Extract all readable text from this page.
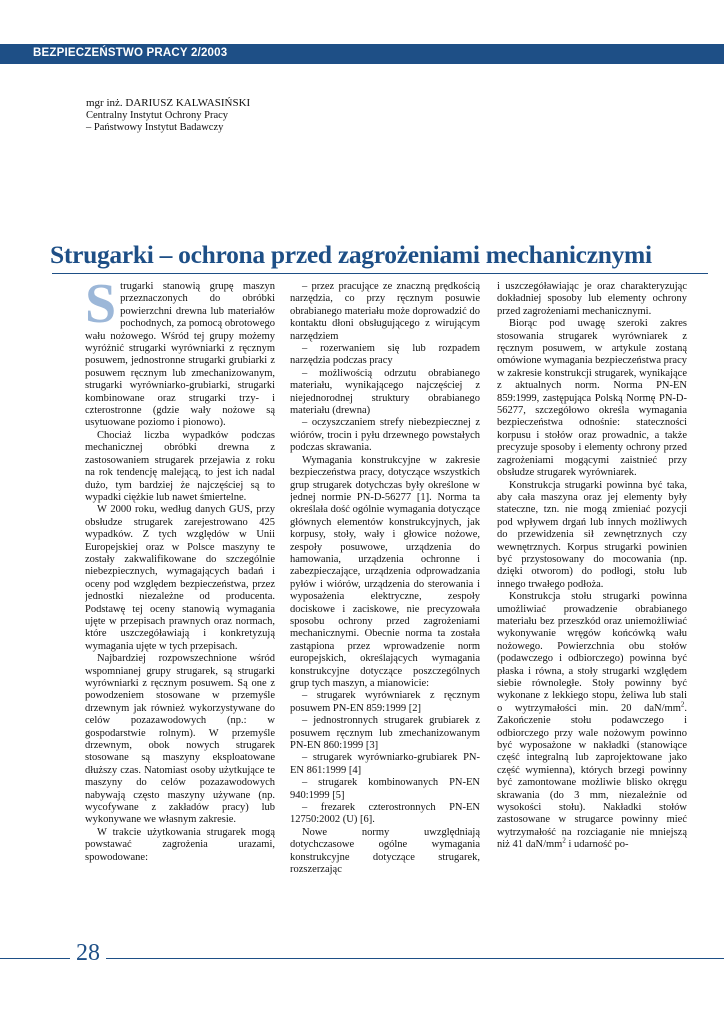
BEZPIECZEŃSTWO PRACY 2/2003
mgr inż. DARIUSZ KALWASIŃSKI
Centralny Instytut Ochrony Pracy
– Państwowy Instytut Badawczy
Strugarki – ochrona przed zagrożeniami mechanicznymi

Strugarki stanowią grupę maszyn przeznaczonych do obróbki powierzchni drewna lub materiałów pochodnych, za pomocą obrotowego wału nożowego. Wśród tej grupy możemy wyróżnić strugarki wyrówniarki z ręcznym posuwem, jednostronne strugarki grubiarki z posuwem ręcznym lub zmechanizowanym, strugarki wyrówniarko-grubiarki, strugarki kombinowane oraz strugarki trzy- i czterostronne (gdzie wały nożowe są usytuowane poziomo i pionowo).

Chociaż liczba wypadków podczas mechanicznej obróbki drewna z zastosowaniem strugarek przejawia z roku na rok tendencję malejącą, to jest ich nadal dużo, tym bardziej że najczęściej są to wypadki ciężkie lub nawet śmiertelne.

W 2000 roku, według danych GUS, przy obsłudze strugarek zarejestrowano 425 wypadków. Z tych względów w Unii Europejskiej oraz w Polsce maszyny te zostały zakwalifikowane do szczególnie niebezpiecznych, wymagających badań i oceny pod względem bezpieczeństwa, przez jednostki niezależne od producenta. Podstawę tej oceny stanowią wymagania ujęte w przepisach prawnych oraz normach, które uszczegóławiają i konkretyzują wymagania ujęte w tych przepisach.

Najbardziej rozpowszechnione wśród wspomnianej grupy strugarek, są strugarki wyrówniarki z ręcznym posuwem. Są one z powodzeniem stosowane w przemyśle drzewnym jak również wykorzystywane do celów pozazawodowych (np.: w gospodarstwie rolnym). W przemyśle drzewnym, obok nowych strugarek stosowane są maszyny eksploatowane dłuższy czas. Natomiast osoby użytkujące te maszyny do celów pozazawodowych nabywają często maszyny używane (np. wycofywane z zakładów pracy) lub wykonywane we własnym zakresie.

W trakcie użytkowania strugarek mogą powstawać zagrożenia urazami, spowodowane:

– przez pracujące ze znaczną prędkością narzędzia, co przy ręcznym posuwie obrabianego materiału może doprowadzić do kontaktu dłoni obsługującego z wirującym narzędziem

– rozerwaniem się lub rozpadem narzędzia podczas pracy

– możliwością odrzutu obrabianego materiału, wynikającego najczęściej z niejednorodnej struktury obrabianego materiału (drewna)

– oczyszczaniem strefy niebezpiecznej z wiórów, trocin i pyłu drzewnego powstałych podczas skrawania.

Wymagania konstrukcyjne w zakresie bezpieczeństwa pracy, dotyczące wszystkich grup strugarek dotychczas były określone w jednej normie PN-D-56277 [1]. Norma ta określała dość ogólnie wymagania dotyczące głównych elementów konstrukcyjnych, jak korpusy, stoły, wały i głowice nożowe, zespoły posuwowe, urządzenia do hamowania, urządzenia ochronne i zabezpieczające, urządzenia odprowadzania pyłów i wiórów, urządzenia do sterowania i wyposażenia elektryczne, zespoły dociskowe i zaciskowe, nie precyzowała sposobu ochrony przed zagrożeniami mechanicznymi. Obecnie norma ta została zastąpiona przez wprowadzenie norm europejskich, określających wymagania konstrukcyjne dotyczące poszczególnych grup tych maszyn, a mianowicie:

– strugarek wyrówniarek z ręcznym posuwem PN-EN 859:1999 [2]

– jednostronnych strugarek grubiarek z posuwem ręcznym lub zmechanizowanym PN-EN 860:1999 [3]

– strugarek wyrówniarko-grubiarek PN-EN 861:1999 [4]

– strugarek kombinowanych PN-EN 940:1999 [5]

– frezarek czterostronnych PN-EN 12750:2002 (U) [6].

Nowe normy uwzględniają dotychczasowe ogólne wymagania konstrukcyjne dotyczące strugarek, rozszerzając

i uszczegóławiając je oraz charakteryzując dokładniej sposoby lub elementy ochrony przed zagrożeniami mechanicznymi.

Biorąc pod uwagę szeroki zakres stosowania strugarek wyrówniarek z ręcznym posuwem, w artykule zostaną omówione wymagania bezpieczeństwa pracy w zakresie konstrukcji strugarek, wynikające z aktualnych norm. Norma PN-EN 859:1999, zastępująca Polską Normę PN-D-56277, szczegółowo określa wymagania bezpieczeństwa odnośnie: stateczności korpusu i stołów oraz prowadnic, a także precyzuje sposoby i elementy ochrony przed zagrożeniami mogącymi zaistnieć przy obsłudze strugarek wyrówniarek.

Konstrukcja strugarki powinna być taka, aby cała maszyna oraz jej elementy były stateczne, tzn. nie mogą zmieniać pozycji pod wpływem drgań lub innych możliwych do przewidzenia sił zewnętrznych czy wewnętrznych. Korpus strugarki powinien być przystosowany do mocowania (np. dzięki otworom) do podłogi, stołu lub innego trwałego podłoża.

Konstrukcja stołu strugarki powinna umożliwiać prowadzenie obrabianego materiału bez przeszkód oraz uniemożliwiać wykonywanie wręgów końcówką wału nożowego. Powierzchnia obu stołów (podawczego i odbiorczego) powinna być płaska i równa, a stoły strugarki względem siebie równoległe. Stoły powinny być wykonane z lekkiego stopu, żeliwa lub stali o wytrzymałości min. 20 daN/$mm^2$. Zakończenie stołu podawczego i odbiorczego przy wale nożowym powinno być wyposażone w nakładki (stanowiące część integralną lub zaprojektowane jako część wymienna), których brzegi powinny być zamontowane możliwie blisko okręgu skrawania (do 3 mm, niezależnie od wysokości stołu). Nakładki stołów zastosowane w strugarce powinny mieć wytrzymałość na rozciaganie nie mniejszą niż 41 daN/$mm^2$ i udarność po-

28
